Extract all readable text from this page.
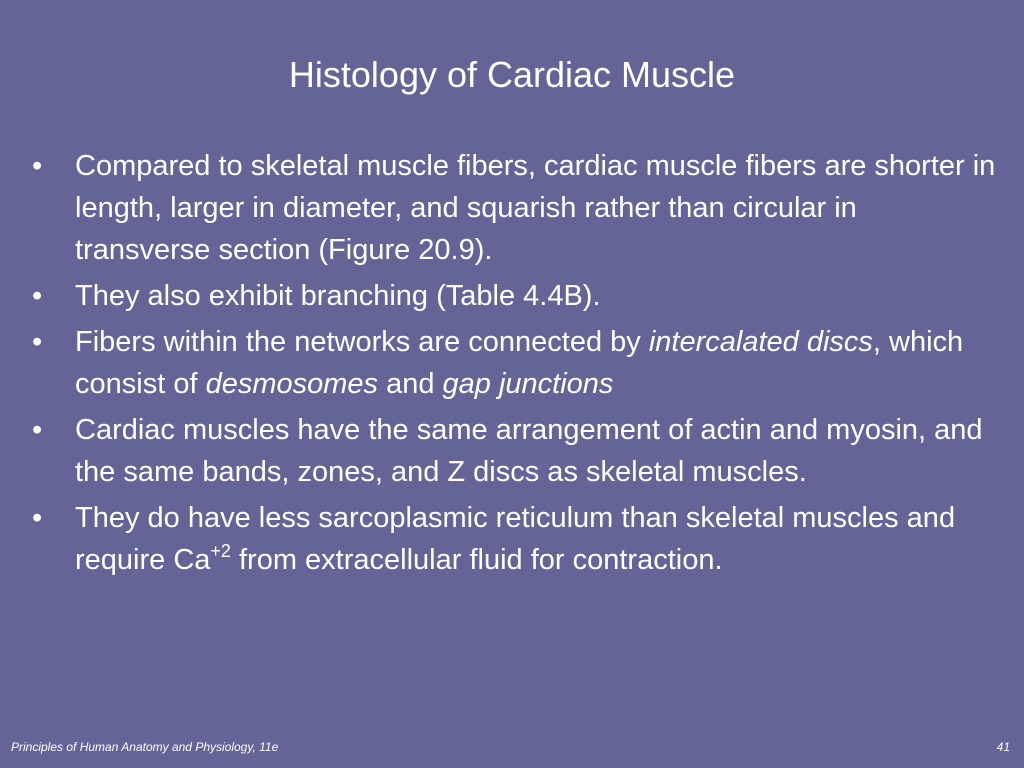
Histology of Cardiac Muscle
• Compared to skeletal muscle fibers, cardiac muscle fibers are shorter in length, larger in diameter, and squarish rather than circular in transverse section (Figure 20.9).
• They also exhibit branching (Table 4.4B).
• Fibers within the networks are connected by intercalated discs, which consist of desmosomes and gap junctions
• Cardiac muscles have the same arrangement of actin and myosin, and the same bands, zones, and Z discs as skeletal muscles.
• They do have less sarcoplasmic reticulum than skeletal muscles and require $Ca^{+2}$ from extracellular fluid for contraction.
Principles of Human Anatomy and Physiology, 11e	41
